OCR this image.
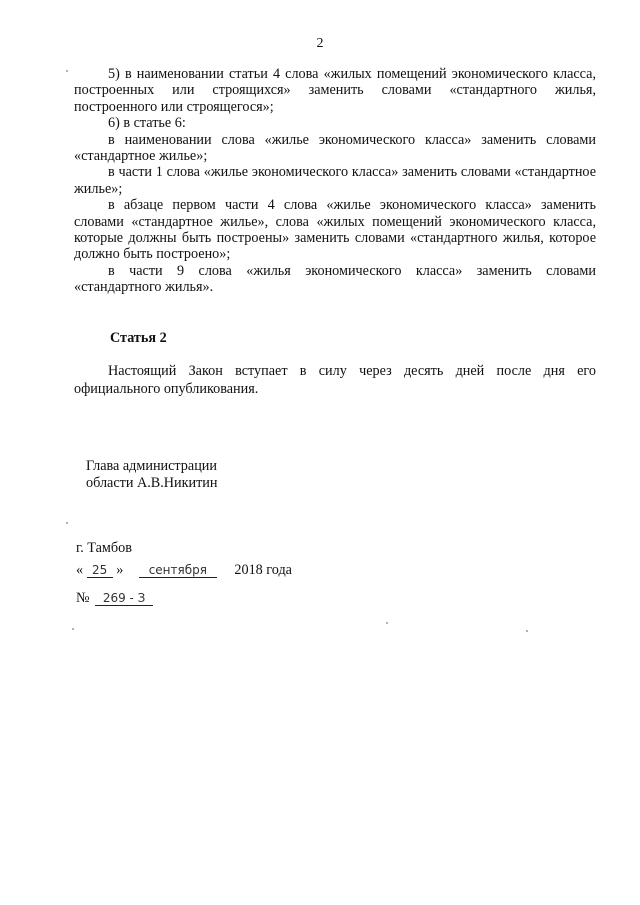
2

5) в наименовании статьи 4 слова «жилых помещений экономического класса, построенных или строящихся» заменить словами «стандартного жилья, построенного или строящегося»;

6) в статье 6:

в наименовании слова «жилье экономического класса» заменить словами «стандартное жилье»;

в части 1 слова «жилье экономического класса» заменить словами «стандартное жилье»;

в абзаце первом части 4 слова «жилье экономического класса» заменить словами «стандартное жилье», слова «жилых помещений экономического класса, которые должны быть построены» заменить словами «стандартного жилья, которое должно быть построено»;

в части 9 слова «жилья экономического класса» заменить словами «стандартного жилья».

Статья 2
Настоящий Закон вступает в силу через десять дней после дня его официального опубликования.
Глава администрации
области А.В.Никитин
г. Тамбов
« 25 » сентября 2018 года
№ 269 - З
